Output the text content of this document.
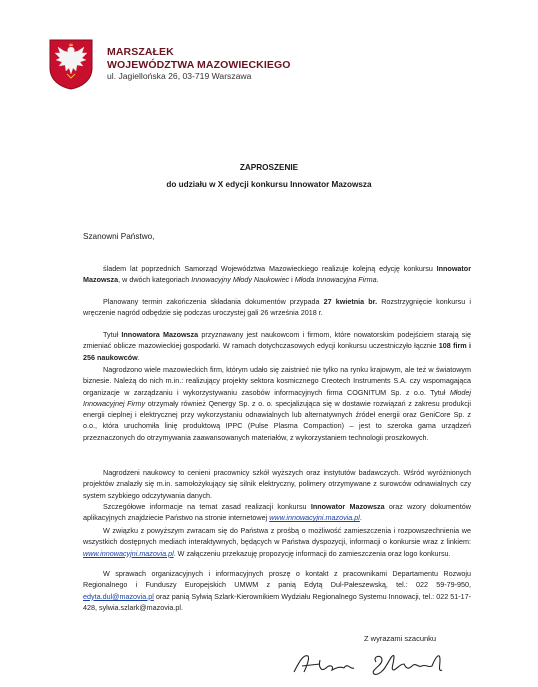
MARSZAŁEK
WOJEWÓDZTWA MAZOWIECKIEGO
ul. Jagiellońska 26, 03-719 Warszawa
ZAPROSZENIE
do udziału w X edycji konkursu Innowator Mazowsza
Szanowni Państwo,
śladem lat poprzednich Samorząd Województwa Mazowieckiego realizuje kolejną edycję konkursu Innowator Mazowsza, w dwóch kategoriach Innowacyjny Młody Naukowiec i Młoda Innowacyjna Firma.
Planowany termin zakończenia składania dokumentów przypada 27 kwietnia br. Rozstrzygnięcie konkursu i wręczenie nagród odbędzie się podczas uroczystej gali 26 września 2018 r.
Tytuł Innowatora Mazowsza przyznawany jest naukowcom i firmom, które nowatorskim podejściem starają się zmieniać oblicze mazowieckiej gospodarki. W ramach dotychczasowych edycji konkursu uczestniczyło łącznie 108 firm i 256 naukowców.
Nagrodzono wiele mazowieckich firm, którym udało się zaistnieć nie tylko na rynku krajowym, ale też w światowym biznesie. Należą do nich m.in.: realizujący projekty sektora kosmicznego Creotech Instruments S.A. czy wspomagająca organizacje w zarządzaniu i wykorzystywaniu zasobów informacyjnych firma COGNITUM Sp. z o.o. Tytuł Młodej Innowacyjnej Firmy otrzymały również Qenergy Sp. z o. o. specjalizująca się w dostawie rozwiązań z zakresu produkcji energii cieplnej i elektrycznej przy wykorzystaniu odnawialnych lub alternatywnych źródeł energii oraz GeniCore Sp. z o.o., która uruchomiła linię produktową IPPC (Pulse Plasma Compaction) – jest to szeroka gama urządzeń przeznaczonych do otrzymywania zaawansowanych materiałów, z wykorzystaniem technologii proszkowych.
Nagrodzeni naukowcy to cenieni pracownicy szkół wyższych oraz instytutów badawczych. Wśród wyróżnionych projektów znalazły się m.in. samołożykujący się silnik elektryczny, polimery otrzymywane z surowców odnawialnych czy system szybkiego odczytywania danych.
Szczegółowe informacje na temat zasad realizacji konkursu Innowator Mazowsza oraz wzory dokumentów aplikacyjnych znajdziecie Państwo na stronie internetowej www.innowacyjni.mazovia.pl.
W związku z powyższym zwracam się do Państwa z prośbą o możliwość zamieszczenia i rozpowszechnienia we wszystkich dostępnych mediach interaktywnych, będących w Państwa dyspozycji, informacji o konkursie wraz z linkiem: www.innowacyjni.mazovia.pl. W załączeniu przekazuję propozycję informacji do zamieszczenia oraz logo konkursu.
W sprawach organizacyjnych i informacyjnych proszę o kontakt z pracownikami Departamentu Rozwoju Regionalnego i Funduszy Europejskich UMWM z panią Edytą Dul-Pałeszewską, tel.: 022 59-79-950, edyta.dul@mazovia.pl oraz panią Sylwią Szlark-Kierownikiem Wydziału Regionalnego Systemu Innowacji, tel.: 022 51-17-428, sylwia.szlark@mazovia.pl.
Z wyrazami szacunku
